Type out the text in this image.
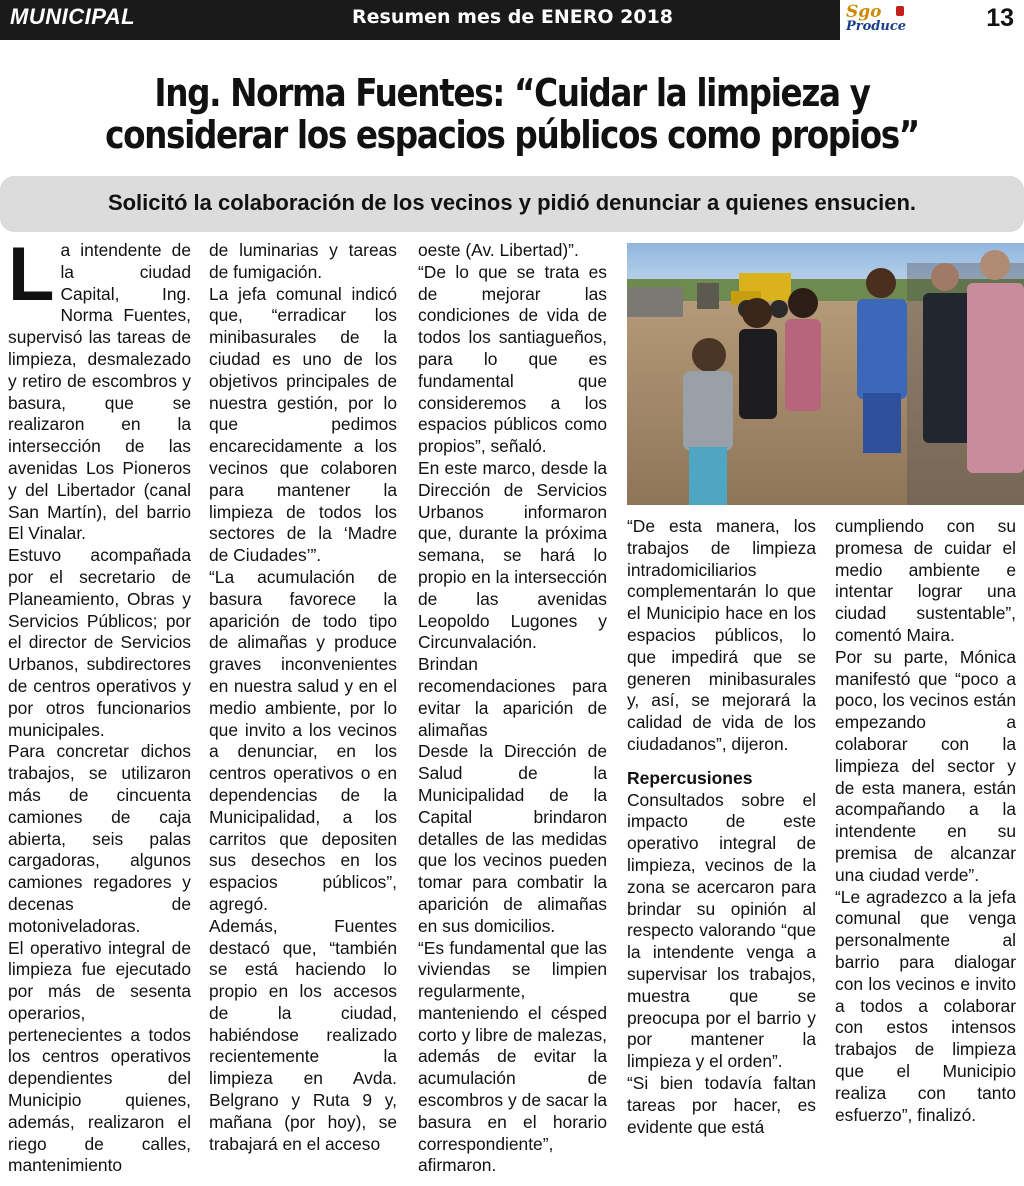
MUNICIPAL	Resumen mes de ENERO 2018	Sgo
Produce	13
Ing. Norma Fuentes: “Cuidar la limpieza y
considerar los espacios públicos como propios”
Solicitó la colaboración de los vecinos y pidió denunciar a quienes ensucien.
L a intendente de la ciudad Capital, Ing. Norma Fuentes, supervisó las tareas de limpieza, desmalezado y retiro de escombros y basura, que se realizaron en la intersección de las avenidas Los Pioneros y del Libertador (canal San Martín), del barrio El Vinalar.

Estuvo acompañada por el secretario de Planeamiento, Obras y Servicios Públicos; por el director de Servicios Urbanos, subdirectores de centros operativos y por otros funcionarios municipales.

Para concretar dichos trabajos, se utilizaron más de cincuenta camiones de caja abierta, seis palas cargadoras, algunos camiones regadores y decenas de motoniveladoras.

El operativo integral de limpieza fue ejecutado por más de sesenta operarios, pertenecientes a todos los centros operativos dependientes del Municipio quienes, además, realizaron el riego de calles, mantenimiento

de luminarias y tareas de fumigación.

La jefa comunal indicó que, “erradicar los minibasurales de la ciudad es uno de los objetivos principales de nuestra gestión, por lo que pedimos encarecidamente a los vecinos que colaboren para mantener la limpieza de todos los sectores de la ‘Madre de Ciudades’”.

“La acumulación de basura favorece la aparición de todo tipo de alimañas y produce graves inconvenientes en nuestra salud y en el medio ambiente, por lo que invito a los vecinos a denunciar, en los centros operativos o en dependencias de la Municipalidad, a los carritos que depositen sus desechos en los espacios públicos”, agregó.

Además, Fuentes destacó que, “también se está haciendo lo propio en los accesos de la ciudad, habiéndose realizado recientemente la limpieza en Avda. Belgrano y Ruta 9 y, mañana (por hoy), se trabajará en el acceso

oeste (Av. Libertad)”.

“De lo que se trata es de mejorar las condiciones de vida de todos los santiagueños, para lo que es fundamental que consideremos a los espacios públicos como propios”, señaló.

En este marco, desde la Dirección de Servicios Urbanos informaron que, durante la próxima semana, se hará lo propio en la intersección de las avenidas Leopoldo Lugones y Circunvalación.

Brindan recomendaciones para evitar la aparición de alimañas

Desde la Dirección de Salud de la Municipalidad de la Capital brindaron detalles de las medidas que los vecinos pueden tomar para combatir la aparición de alimañas en sus domicilios.

“Es fundamental que las viviendas se limpien regularmente, manteniendo el césped corto y libre de malezas, además de evitar la acumulación de escombros y de sacar la basura en el horario correspondiente”, afirmaron.

“De esta manera, los trabajos de limpieza intradomiciliarios complementarán lo que el Municipio hace en los espacios públicos, lo que impedirá que se generen minibasurales y, así, se mejorará la calidad de vida de los ciudadanos”, dijeron.

Repercusiones

Consultados sobre el impacto de este operativo integral de limpieza, vecinos de la zona se acercaron para brindar su opinión al respecto valorando “que la intendente venga a supervisar los trabajos, muestra que se preocupa por el barrio y por mantener la limpieza y el orden”.

“Si bien todavía faltan tareas por hacer, es evidente que está

cumpliendo con su promesa de cuidar el medio ambiente e intentar lograr una ciudad sustentable”, comentó Maira.

Por su parte, Mónica manifestó que “poco a poco, los vecinos están empezando a colaborar con la limpieza del sector y de esta manera, están acompañando a la intendente en su premisa de alcanzar una ciudad verde”.

“Le agradezco a la jefa comunal que venga personalmente al barrio para dialogar con los vecinos e invito a todos a colaborar con estos intensos trabajos de limpieza que el Municipio realiza con tanto esfuerzo”, finalizó.
